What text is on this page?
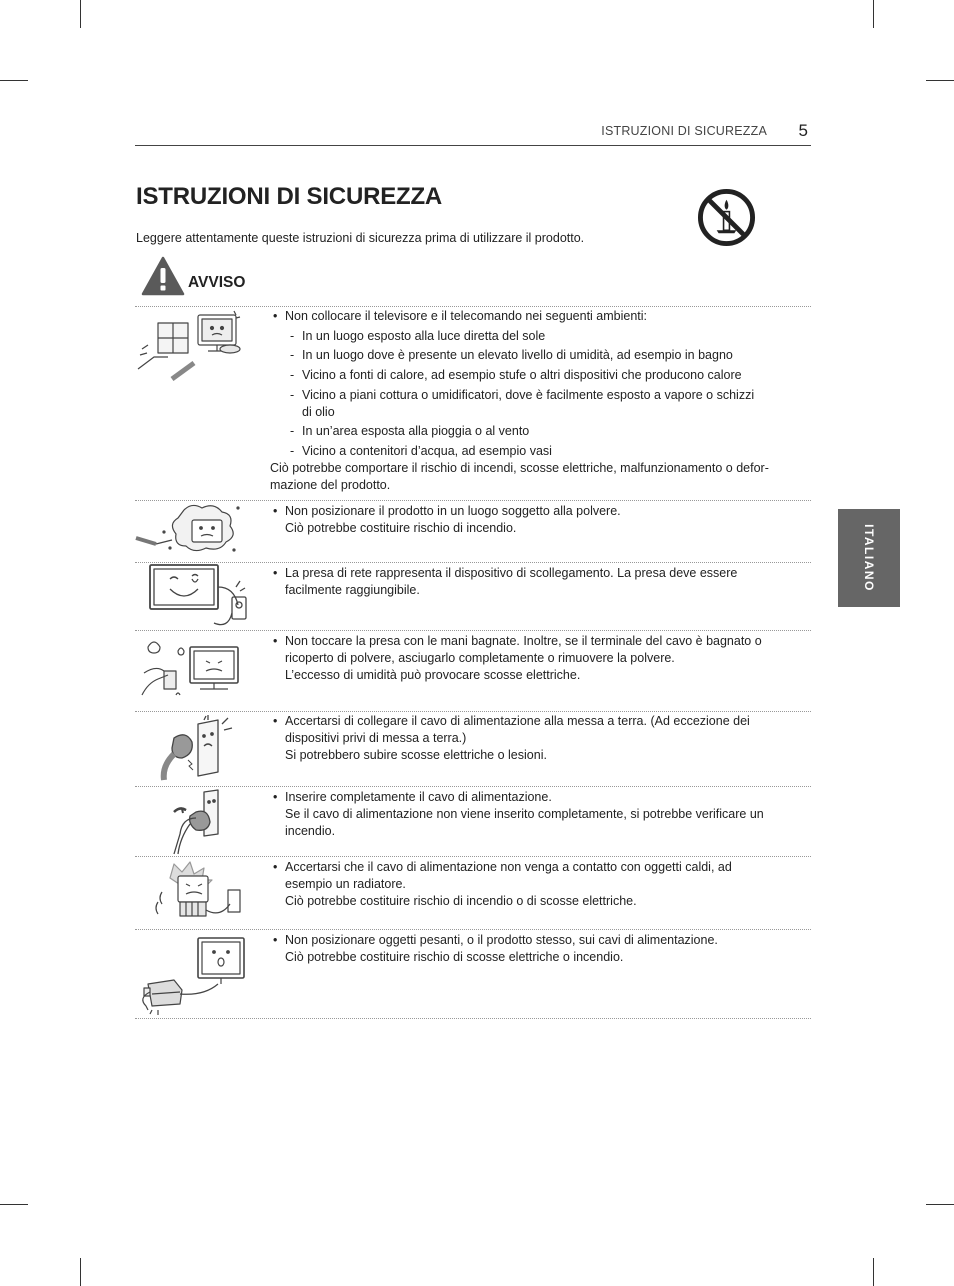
ISTRUZIONI DI SICUREZZA 5
ISTRUZIONI DI SICUREZZA
Leggere attentamente queste istruzioni di sicurezza prima di utilizzare il prodotto.
AVVISO
ITALIANO
• Non collocare il televisore e il telecomando nei seguenti ambienti:
- In un luogo esposto alla luce diretta del sole
- In un luogo dove è presente un elevato livello di umidità, ad esempio in bagno
- Vicino a fonti di calore, ad esempio stufe o altri dispositivi che producono calore
- Vicino a piani cottura o umidificatori, dove è facilmente esposto a vapore o schizzi
di olio
- In un’area esposta alla pioggia o al vento
- Vicino a contenitori d’acqua, ad esempio vasi

Ciò potrebbe comportare il rischio di incendi, scosse elettriche, malfunzionamento o defor-
mazione del prodotto.

• Non posizionare il prodotto in un luogo soggetto alla polvere.
Ciò potrebbe costituire rischio di incendio.
• La presa di rete rappresenta il dispositivo di scollegamento. La presa deve essere
facilmente raggiungibile.
• Non toccare la presa con le mani bagnate. Inoltre, se il terminale del cavo è bagnato o
ricoperto di polvere, asciugarlo completamente o rimuovere la polvere.
L’eccesso di umidità può provocare scosse elettriche.
• Accertarsi di collegare il cavo di alimentazione alla messa a terra. (Ad eccezione dei
dispositivi privi di messa a terra.)
Si potrebbero subire scosse elettriche o lesioni.
• Inserire completamente il cavo di alimentazione.
Se il cavo di alimentazione non viene inserito completamente, si potrebbe verificare un
incendio.
• Accertarsi che il cavo di alimentazione non venga a contatto con oggetti caldi, ad
esempio un radiatore.
Ciò potrebbe costituire rischio di incendio o di scosse elettriche.
• Non posizionare oggetti pesanti, o il prodotto stesso, sui cavi di alimentazione.
Ciò potrebbe costituire rischio di scosse elettriche o incendio.
